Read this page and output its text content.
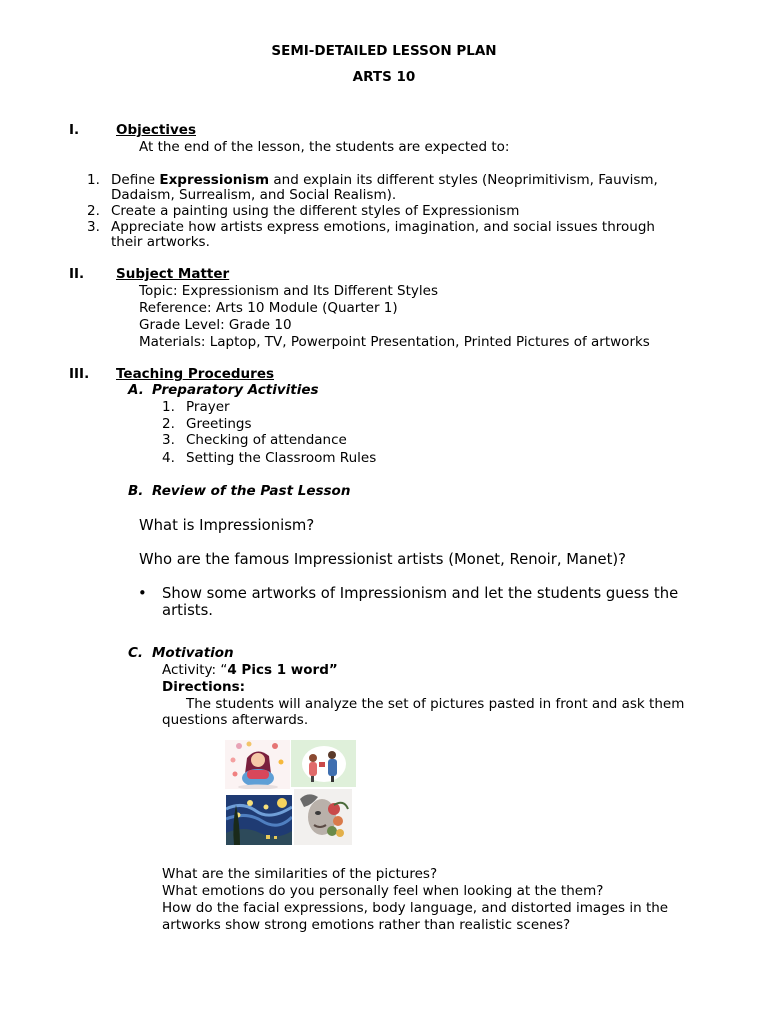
SEMI-DETAILED LESSON PLAN
ARTS 10
I.	Objectives
At the end of the lesson, the students are expected to:
1. Define Expressionism and explain its different styles (Neoprimitivism, Fauvism,
Dadaism, Surrealism, and Social Realism).
2. Create a painting using the different styles of Expressionism
3. Appreciate how artists express emotions, imagination, and social issues through
their artworks.
II. Subject Matter
Topic: Expressionism and Its Different Styles
Reference: Arts 10 Module (Quarter 1)
Grade Level: Grade 10
Materials: Laptop, TV, Powerpoint Presentation, Printed Pictures of artworks
III. Teaching Procedures
A. Preparatory Activities
1. Prayer
2. Greetings
3. Checking of attendance
4. Setting the Classroom Rules
B. Review of the Past Lesson
What is Impressionism?
Who are the famous Impressionist artists (Monet, Renoir, Manet)?
• Show some artworks of Impressionism and let the students guess the
artists.
C. Motivation
Activity: “4 Pics 1 word”
Directions:
The students will analyze the set of pictures pasted in front and ask them
questions afterwards.
What are the similarities of the pictures?
What emotions do you personally feel when looking at the them?
How do the facial expressions, body language, and distorted images in the
artworks show strong emotions rather than realistic scenes?
